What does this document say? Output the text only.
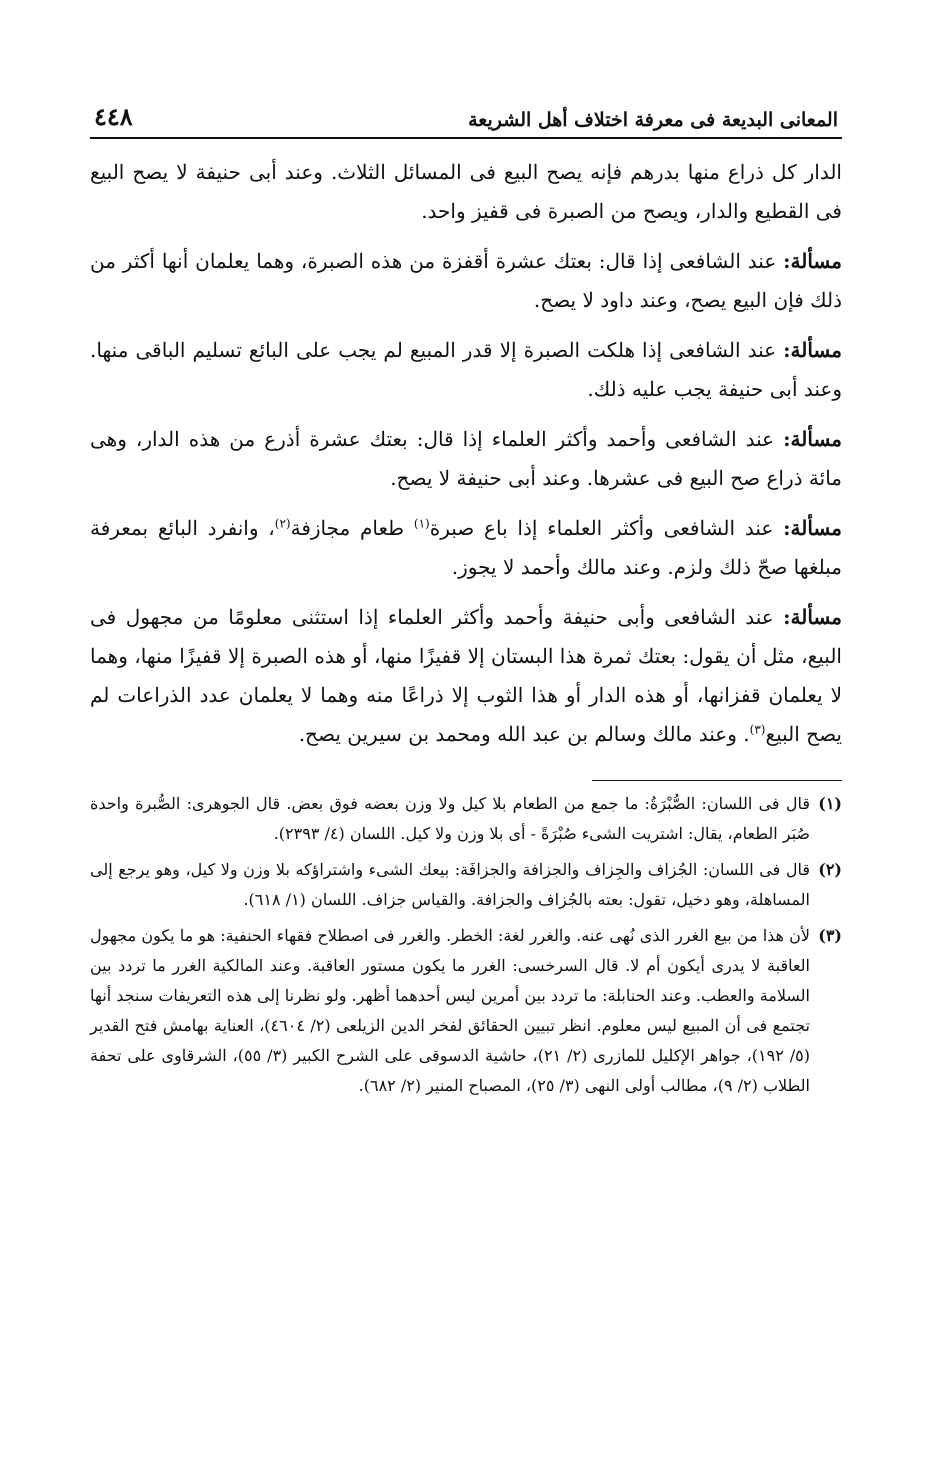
المعانى البديعة فى معرفة اختلاف أهل الشريعة
٤٤٨

الدار كل ذراع منها بدرهم فإنه يصح البيع فى المسائل الثلاث. وعند أبى حنيفة لا يصح البيع فى القطيع والدار، ويصح من الصبرة فى قفيز واحد.

مسألة: عند الشافعى إذا قال: بعتك عشرة أقفزة من هذه الصبرة، وهما يعلمان أنها أكثر من ذلك فإن البيع يصح، وعند داود لا يصح.

مسألة: عند الشافعى إذا هلكت الصبرة إلا قدر المبيع لم يجب على البائع تسليم الباقى منها. وعند أبى حنيفة يجب عليه ذلك.

مسألة: عند الشافعى وأحمد وأكثر العلماء إذا قال: بعتك عشرة أذرع من هذه الدار، وهى مائة ذراع صح البيع فى عشرها. وعند أبى حنيفة لا يصح.

مسألة: عند الشافعى وأكثر العلماء إذا باع صبرة$^{(١)}$ طعام مجازفة$^{(٢)}$، وانفرد البائع بمعرفة مبلغها صحّ ذلك ولزم. وعند مالك وأحمد لا يجوز.

مسألة: عند الشافعى وأبى حنيفة وأحمد وأكثر العلماء إذا استثنى معلومًا من مجهول فى البيع، مثل أن يقول: بعتك ثمرة هذا البستان إلا قفيزًا منها، أو هذه الصبرة إلا قفيزًا منها، وهما لا يعلمان قفزانها، أو هذه الدار أو هذا الثوب إلا ذراعًا منه وهما لا يعلمان عدد الذراعات لم يصح البيع$^{(٣)}$. وعند مالك وسالم بن عبد الله ومحمد بن سيرين يصح.

(١)
قال فى اللسان: الصُّبْرَةُ: ما جمع من الطعام بلا كيل ولا وزن بعضه فوق بعض. قال الجوهرى: الصُّبرة واحدة صُبَر الطعام، يقال: اشتريت الشىء صُبْرَةً - أى بلا وزن ولا كيل. اللسان (٤/ ٢٣٩٣).
(٢)
قال فى اللسان: الجُزاف والجِزاف والجزافة والجزافَة: بيعك الشىء واشتراؤكه بلا وزن ولا كيل، وهو يرجع إلى المساهلة، وهو دخيل، تقول: بعته بالجُزاف والجزافة. والقياس جزاف. اللسان (١/ ٦١٨).
(٣)
لأن هذا من بيع الغرر الذى نُهى عنه. والغرر لغة: الخطر. والغرر فى اصطلاح فقهاء الحنفية: هو ما يكون مجهول العاقبة لا يدرى أيكون أم لا. قال السرخسى: الغرر ما يكون مستور العاقبة. وعند المالكية الغرر ما تردد بين السلامة والعطب. وعند الحنابلة: ما تردد بين أمرين ليس أحدهما أظهر. ولو نظرنا إلى هذه التعريفات سنجد أنها تجتمع فى أن المبيع ليس معلوم. انظر تبيين الحقائق لفخر الدين الزيلعى (٢/ ٤٦٠٤)، العناية بهامش فتح القدير (٥/ ١٩٢)، جواهر الإكليل للمازرى (٢/ ٢١)، حاشية الدسوقى على الشرح الكبير (٣/ ٥٥)، الشرقاوى على تحفة الطلاب (٢/ ٩)، مطالب أولى النهى (٣/ ٢٥)، المصباح المنير (٢/ ٦٨٢).
